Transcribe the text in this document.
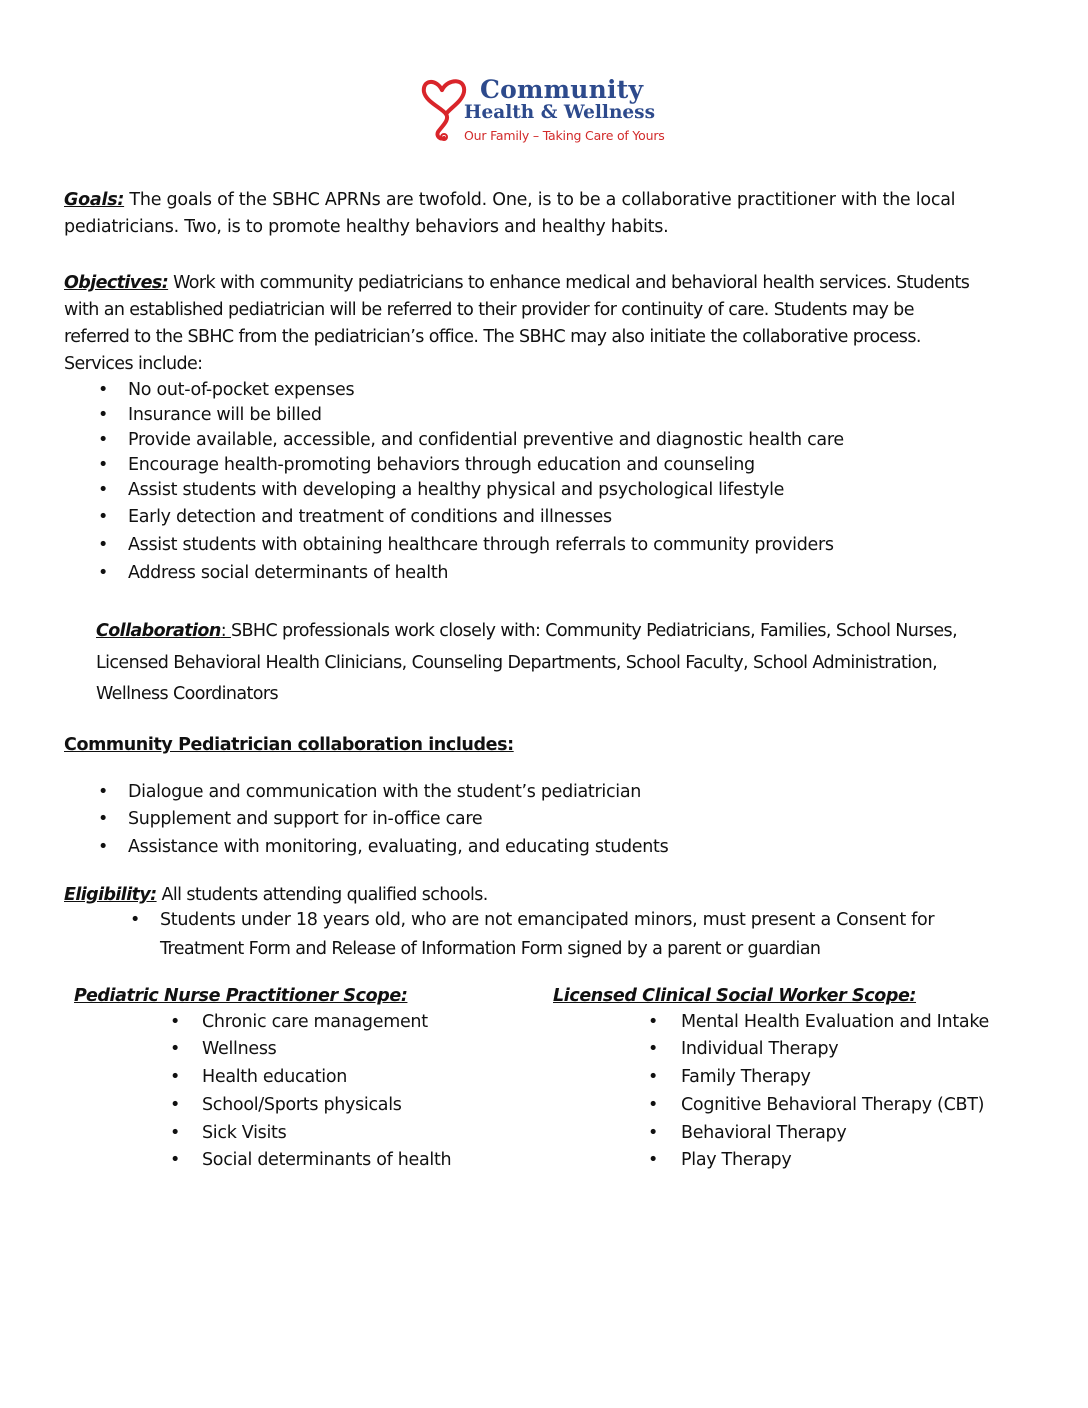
Community
Health & Wellness
Our Family – Taking Care of Yours
Goals: The goals of the SBHC APRNs are twofold. One, is to be a collaborative practitioner with the local
pediatricians. Two, is to promote healthy behaviors and healthy habits.
Objectives: Work with community pediatricians to enhance medical and behavioral health services. Students
with an established pediatrician will be referred to their provider for continuity of care. Students may be
referred to the SBHC from the pediatrician’s office. The SBHC may also initiate the collaborative process.
Services include:
• No out-of-pocket expenses
• Insurance will be billed
• Provide available, accessible, and confidential preventive and diagnostic health care
• Encourage health-promoting behaviors through education and counseling
• Assist students with developing a healthy physical and psychological lifestyle
• Early detection and treatment of conditions and illnesses
• Assist students with obtaining healthcare through referrals to community providers
• Address social determinants of health
Collaboration: SBHC professionals work closely with: Community Pediatricians, Families, School Nurses,
Licensed Behavioral Health Clinicians, Counseling Departments, School Faculty, School Administration,
Wellness Coordinators
Community Pediatrician collaboration includes:
• Dialogue and communication with the student’s pediatrician
• Supplement and support for in-office care
• Assistance with monitoring, evaluating, and educating students
Eligibility: All students attending qualified schools.
• Students under 18 years old, who are not emancipated minors, must present a Consent for
Treatment Form and Release of Information Form signed by a parent or guardian
Pediatric Nurse Practitioner Scope:
• Chronic care management
• Wellness
• Health education
• School/Sports physicals
• Sick Visits
• Social determinants of health
Licensed Clinical Social Worker Scope:
• Mental Health Evaluation and Intake
• Individual Therapy
• Family Therapy
• Cognitive Behavioral Therapy (CBT)
• Behavioral Therapy
• Play Therapy
